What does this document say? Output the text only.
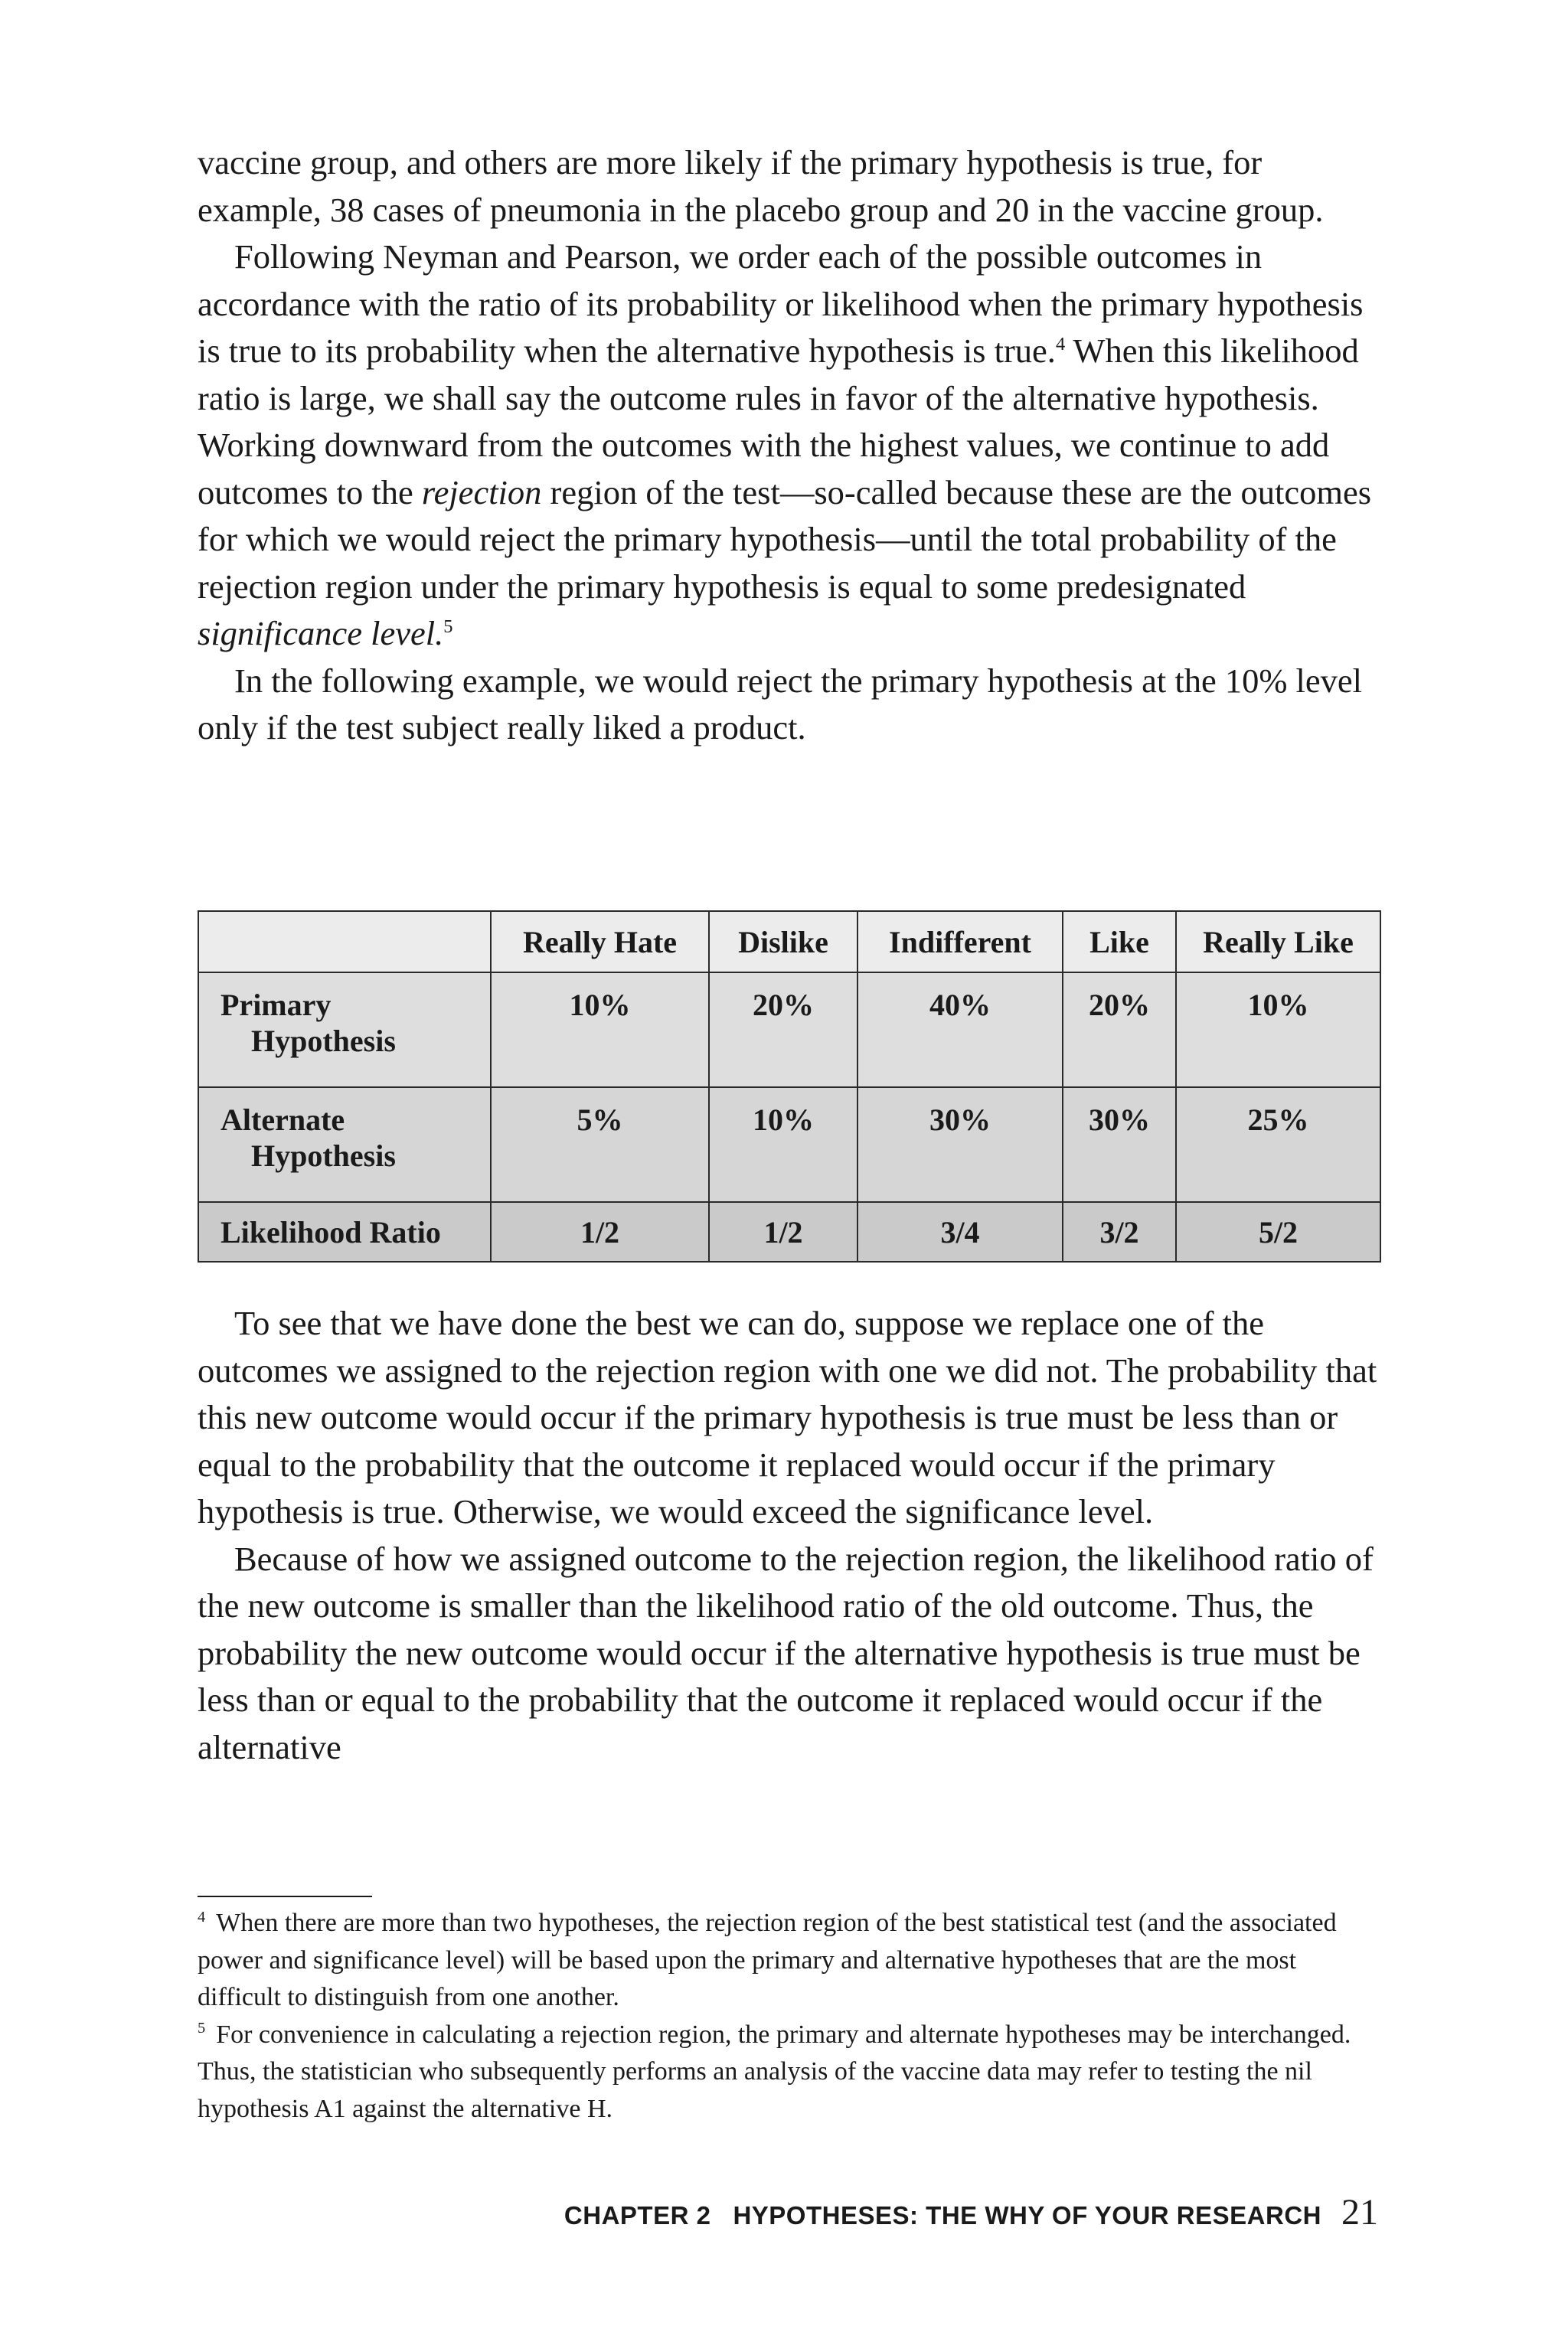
vaccine group, and others are more likely if the primary hypothesis is true, for example, 38 cases of pneumonia in the placebo group and 20 in the vaccine group.

Following Neyman and Pearson, we order each of the possible outcomes in accordance with the ratio of its probability or likelihood when the primary hypothesis is true to its probability when the alternative hypothesis is true.$^4$ When this likelihood ratio is large, we shall say the outcome rules in favor of the alternative hypothesis. Working downward from the outcomes with the highest values, we continue to add outcomes to the rejection region of the test—so-called because these are the outcomes for which we would reject the primary hypothesis—until the total probability of the rejection region under the primary hypothesis is equal to some predesignated significance level.$^5$

In the following example, we would reject the primary hypothesis at the 10% level only if the test subject really liked a product.

	Really Hate	Dislike	Indifferent	Like	Really Like
Primary
Hypothesis	10%	20%	40%	20%	10%
Alternate
Hypothesis	5%	10%	30%	30%	25%
Likelihood Ratio	1/2	1/2	3/4	3/2	5/2

To see that we have done the best we can do, suppose we replace one of the outcomes we assigned to the rejection region with one we did not. The probability that this new outcome would occur if the primary hypothesis is true must be less than or equal to the probability that the outcome it replaced would occur if the primary hypothesis is true. Otherwise, we would exceed the significance level.

Because of how we assigned outcome to the rejection region, the likelihood ratio of the new outcome is smaller than the likelihood ratio of the old outcome. Thus, the probability the new outcome would occur if the alternative hypothesis is true must be less than or equal to the probability that the outcome it replaced would occur if the alternative

$^4$ When there are more than two hypotheses, the rejection region of the best statistical test (and the associated power and significance level) will be based upon the primary and alternative hypotheses that are the most difficult to distinguish from one another.

$^5$ For convenience in calculating a rejection region, the primary and alternate hypotheses may be interchanged. Thus, the statistician who subsequently performs an analysis of the vaccine data may refer to testing the nil hypothesis A1 against the alternative H.

CHAPTER 2   HYPOTHESES: THE WHY OF YOUR RESEARCH 21
